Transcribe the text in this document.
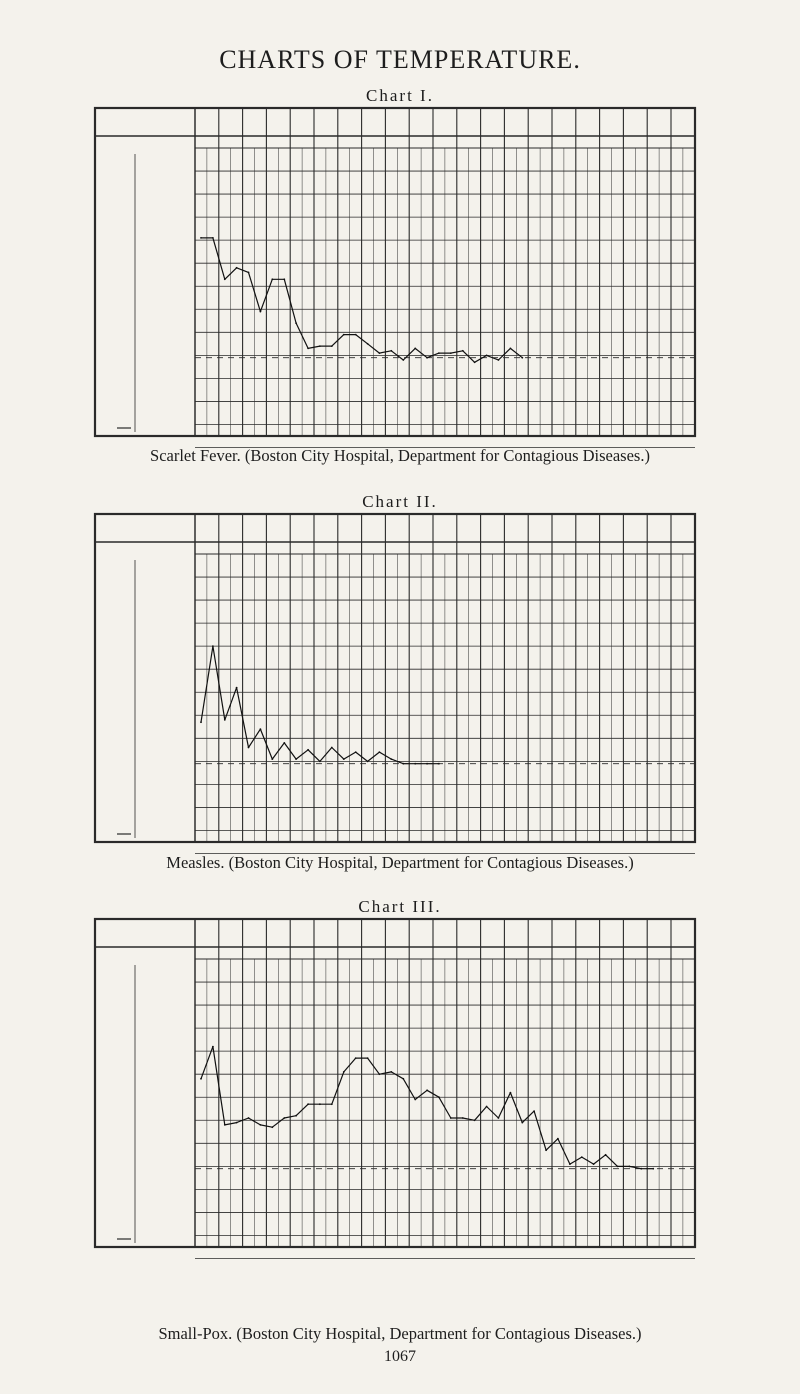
CHARTS OF TEMPERATURE.
Chart I.
Scarlet Fever. (Boston City Hospital, Department for Contagious Diseases.)
Chart II.
Measles. (Boston City Hospital, Department for Contagious Diseases.)
Chart III.
Small-Pox. (Boston City Hospital, Department for Contagious Diseases.)
1067
